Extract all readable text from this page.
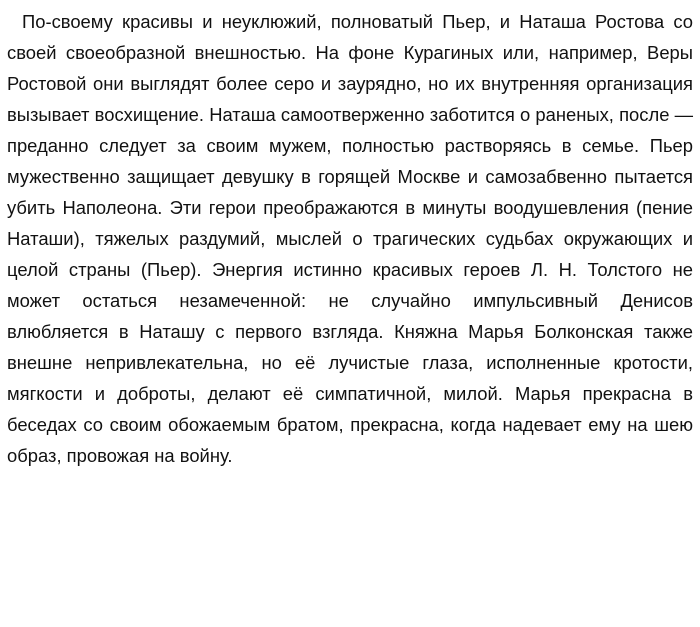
По-своему красивы и неуклюжий, полноватый Пьер, и Наташа Ростова со своей своеобразной внешностью. На фоне Курагиных или, например, Веры Ростовой они выглядят более серо и заурядно, но их внутренняя организация вызывает восхищение. Наташа самоотверженно заботится о раненых, после — преданно следует за своим мужем, полностью растворяясь в семье. Пьер мужественно защищает девушку в горящей Москве и самозабвенно пытается убить Наполеона. Эти герои преображаются в минуты воодушевления (пение Наташи), тяжелых раздумий, мыслей о трагических судьбах окружающих и целой страны (Пьер). Энергия истинно красивых героев Л. Н. Толстого не может остаться незамеченной: не случайно импульсивный Денисов влюбляется в Наташу с первого взгляда. Княжна Марья Болконская также внешне непривлекательна, но её лучистые глаза, исполненные кротости, мягкости и доброты, делают её симпатичной, милой. Марья прекрасна в беседах со своим обожаемым братом, прекрасна, когда надевает ему на шею образ, провожая на войну.
